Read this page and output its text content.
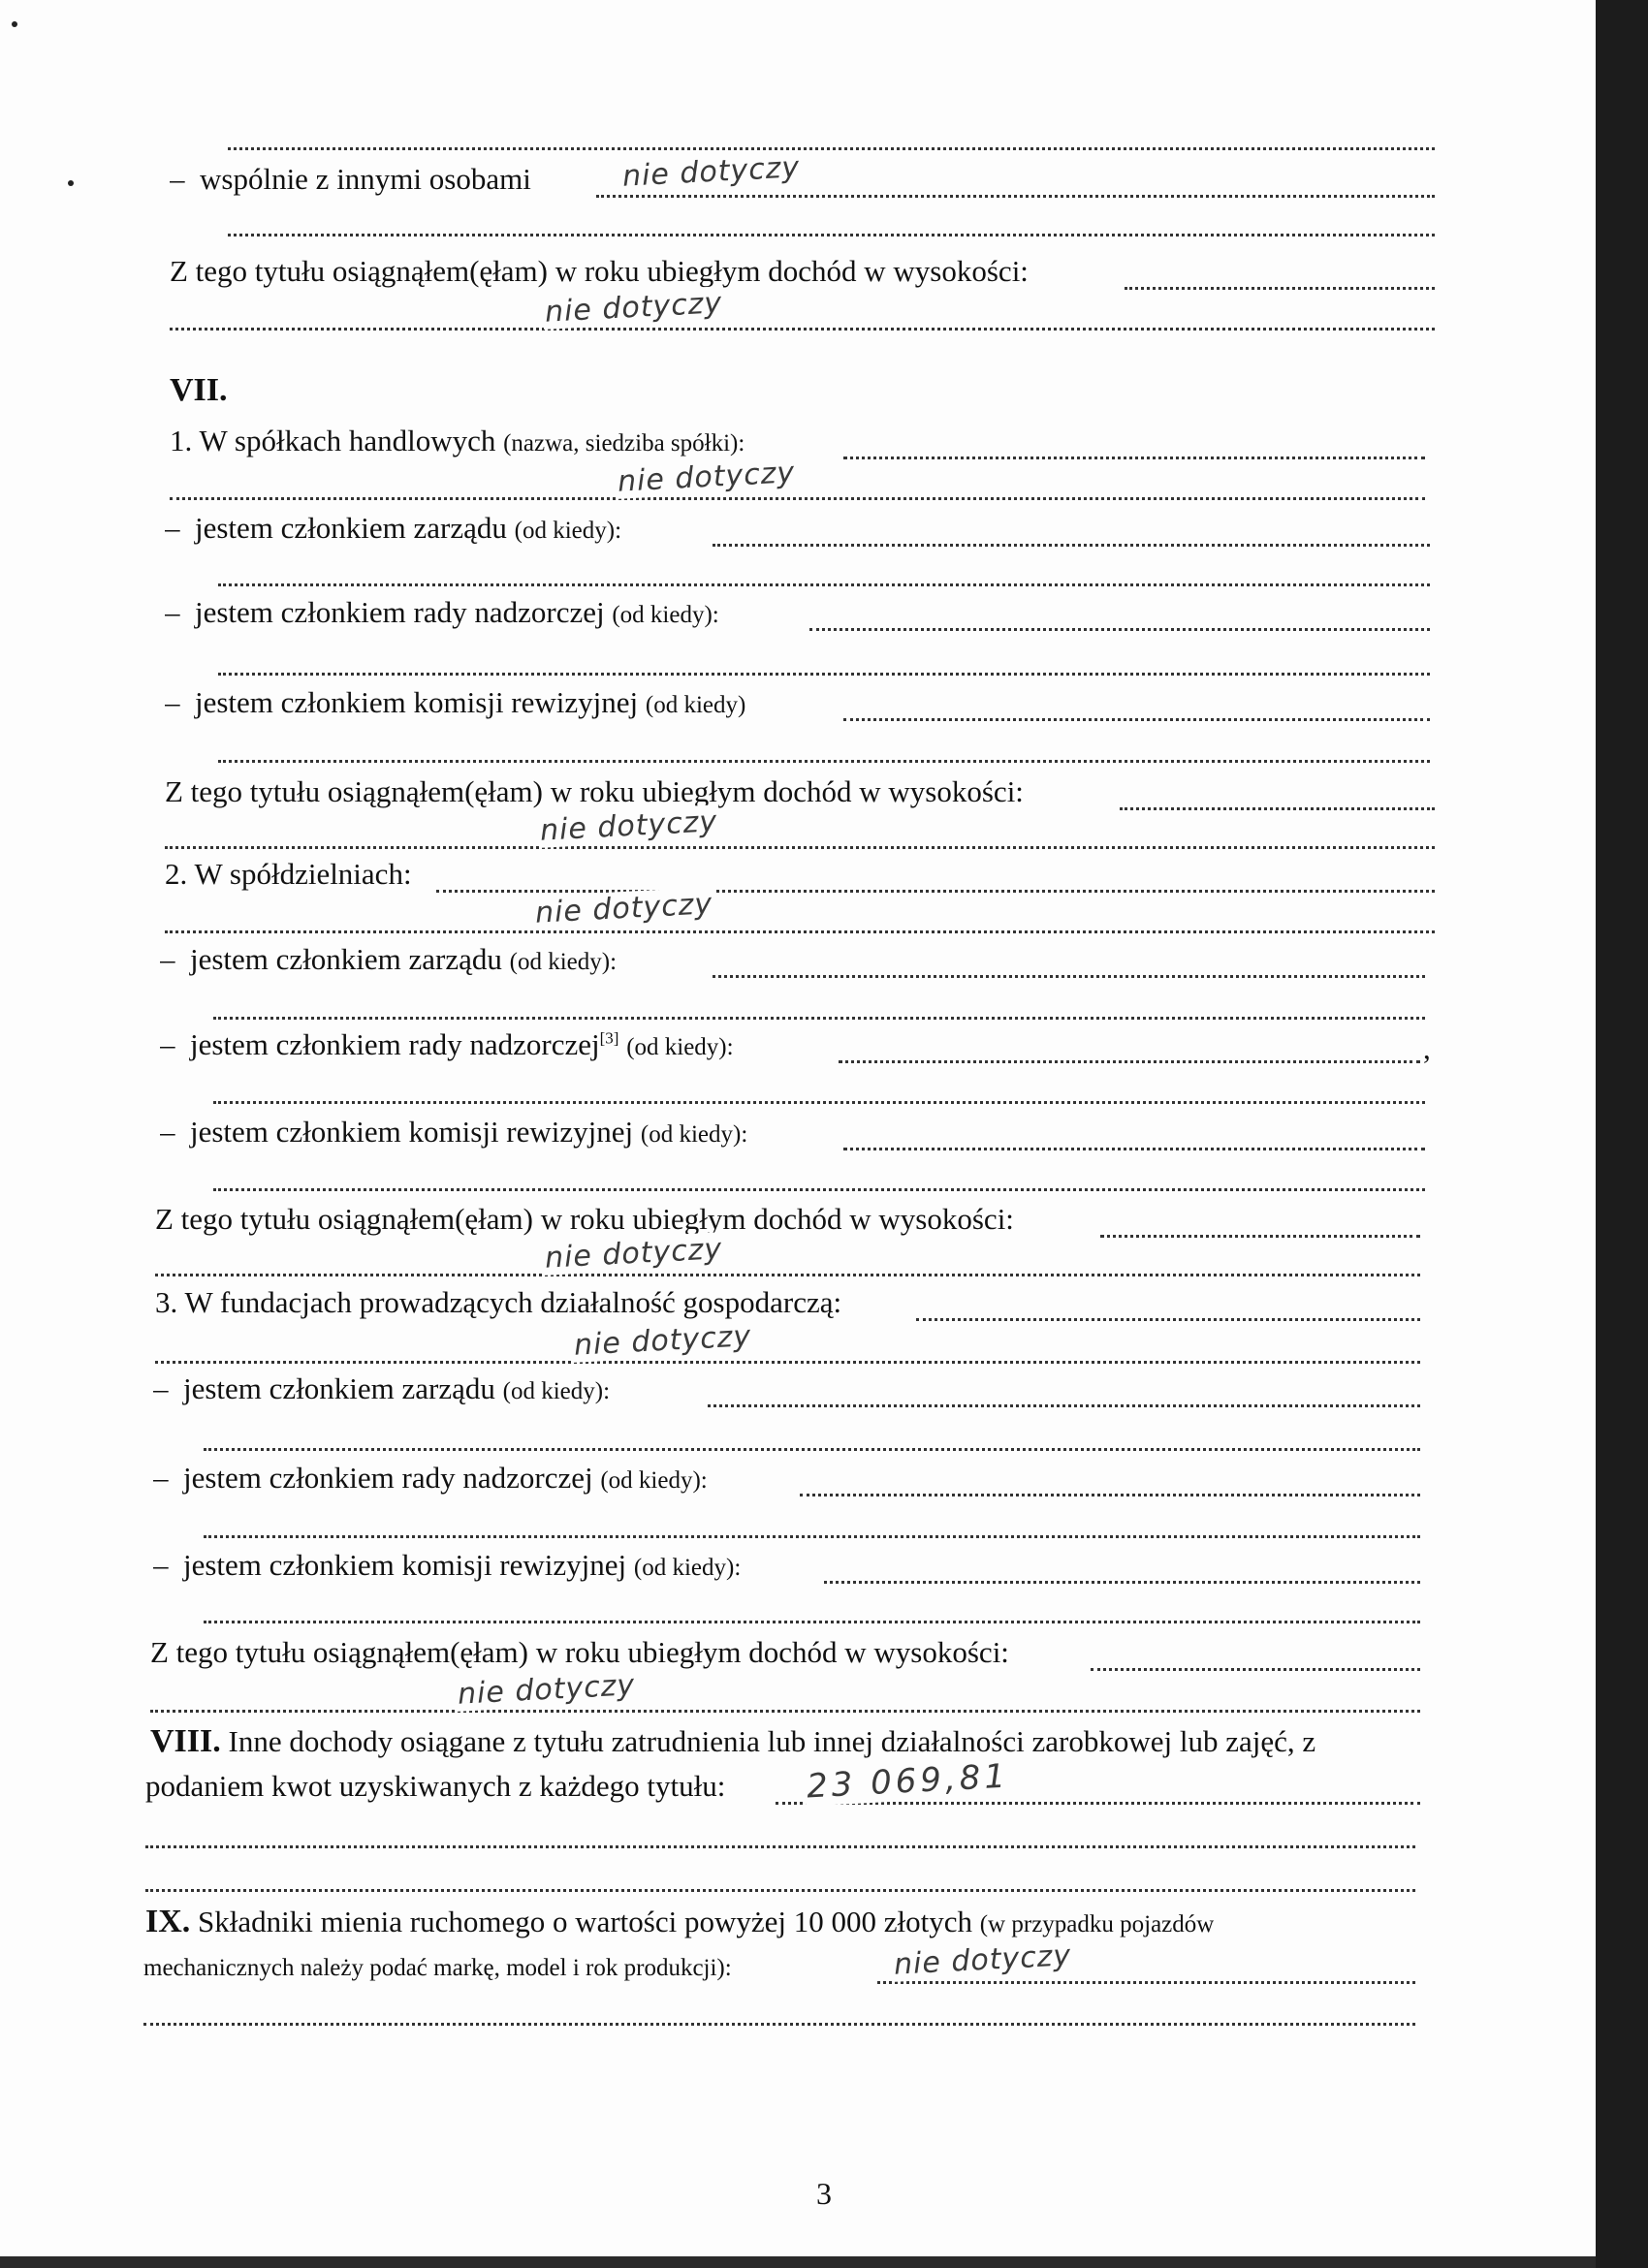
– wspólnie z innymi osobami	nie dotyczy
Z tego tytułu osiągnąłem(ęłam) w roku ubiegłym dochód w wysokości:
nie dotyczy
VII.
1. W spółkach handlowych (nazwa, siedziba spółki):
nie dotyczy
– jestem członkiem zarządu (od kiedy):
– jestem członkiem rady nadzorczej (od kiedy):
– jestem członkiem komisji rewizyjnej (od kiedy)
Z tego tytułu osiągnąłem(ęłam) w roku ubiegłym dochód w wysokości:
nie dotyczy
2. W spółdzielniach:
nie dotyczy
– jestem członkiem zarządu (od kiedy):
– jestem członkiem rady nadzorczej[3] (od kiedy):	,
– jestem członkiem komisji rewizyjnej (od kiedy):
Z tego tytułu osiągnąłem(ęłam) w roku ubiegłym dochód w wysokości:
nie dotyczy
3. W fundacjach prowadzących działalność gospodarczą:
nie dotyczy
– jestem członkiem zarządu (od kiedy):
– jestem członkiem rady nadzorczej (od kiedy):
– jestem członkiem komisji rewizyjnej (od kiedy):
Z tego tytułu osiągnąłem(ęłam) w roku ubiegłym dochód w wysokości:
nie dotyczy
VIII. Inne dochody osiągane z tytułu zatrudnienia lub innej działalności zarobkowej lub zajęć, z
podaniem kwot uzyskiwanych z każdego tytułu: 23 069,81
IX. Składniki mienia ruchomego o wartości powyżej 10 000 złotych (w przypadku pojazdów
mechanicznych należy podać markę, model i rok produkcji):	nie dotyczy
3
